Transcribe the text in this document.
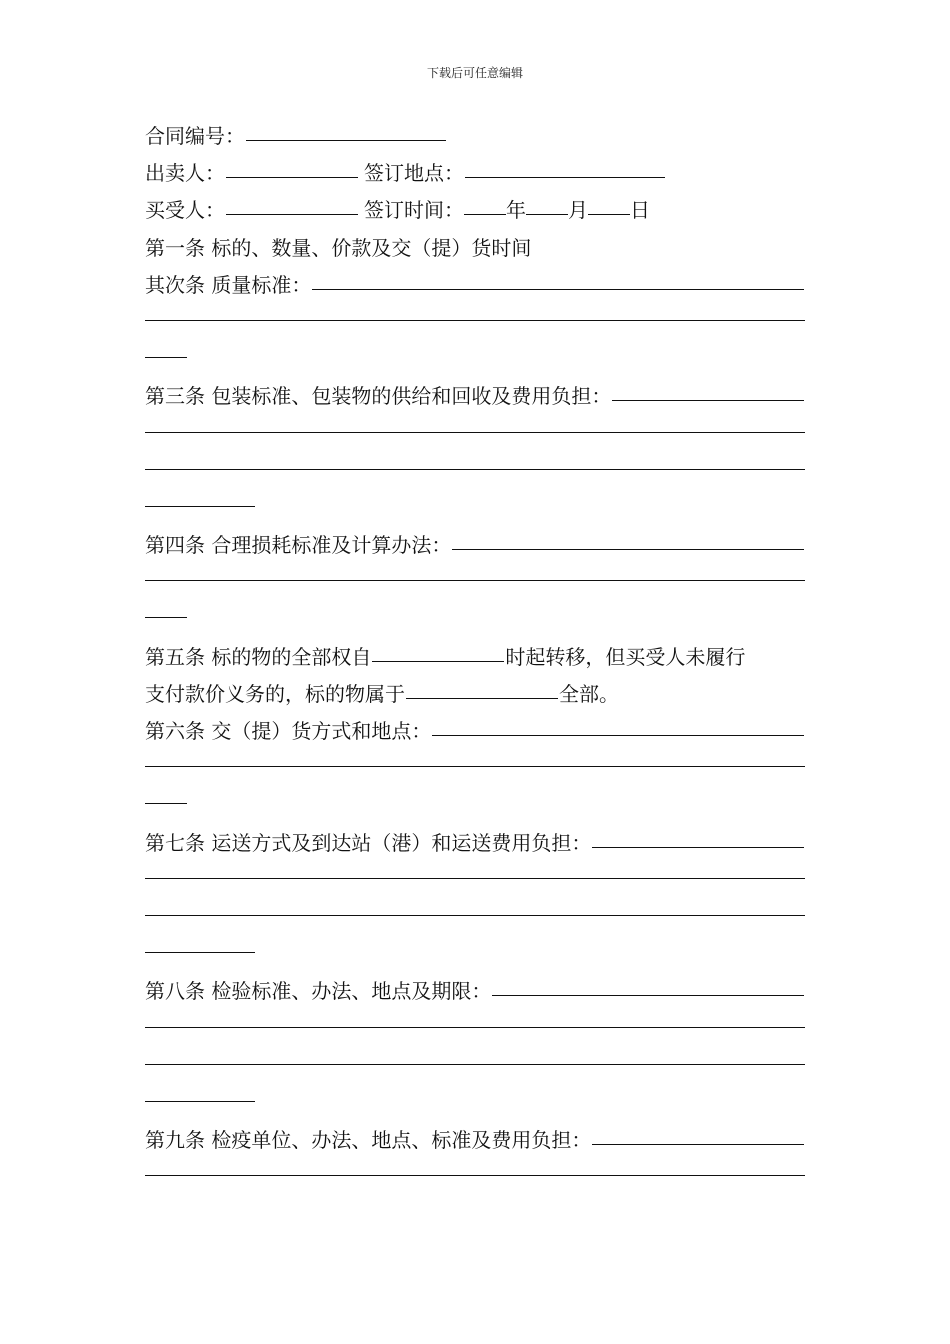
下载后可任意编辑
合同编号：
出卖人：	签订地点：
买受人：	签订时间： 年 月 日
第一条 标的、数量、价款及交（提）货时间
其次条 质量标准：
第三条 包装标准、包装物的供给和回收及费用负担：
第四条 合理损耗标准及计算办法：
第五条 标的物的全部权自	时起转移，但买受人未履行
支付款价义务的，标的物属于	全部。
第六条 交（提）货方式和地点：
第七条 运送方式及到达站（港）和运送费用负担：
第八条 检验标准、办法、地点及期限：
第九条 检疫单位、办法、地点、标准及费用负担：
